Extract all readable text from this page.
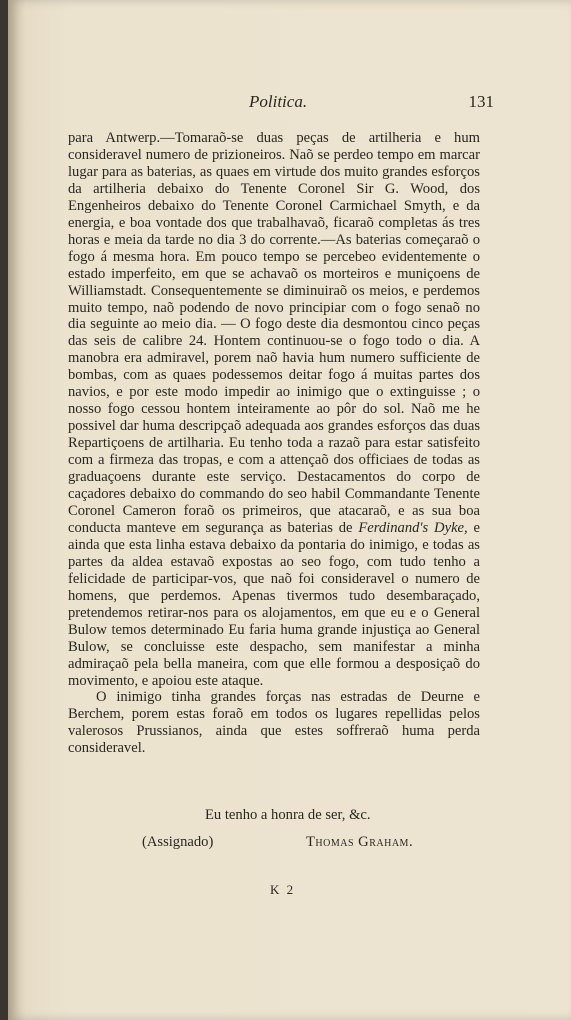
Politica.	131

para Antwerp.—Tomaraõ-se duas peças de artilheria e hum consideravel numero de prizioneiros. Naõ se perdeo tempo em marcar lugar para as baterias, as quaes em virtude dos muito grandes esforços da artilheria debaixo do Tenente Coronel Sir G. Wood, dos Engenheiros debaixo do Tenente Coronel Carmichael Smyth, e da energia, e boa vontade dos que trabalhavaõ, ficaraõ completas ás tres horas e meia da tarde no dia 3 do corrente.—As baterias começaraõ o fogo á mesma hora. Em pouco tempo se percebeo evidentemente o estado imperfeito, em que se achavaõ os morteiros e muniçoens de Williamstadt. Consequentemente se diminuiraõ os meios, e perdemos muito tempo, naõ podendo de novo principiar com o fogo senaõ no dia seguinte ao meio dia. — O fogo deste dia desmontou cinco peças das seis de calibre 24. Hontem continuou-se o fogo todo o dia. A manobra era admiravel, porem naõ havia hum numero sufficiente de bombas, com as quaes podessemos deitar fogo á muitas partes dos navios, e por este modo impedir ao inimigo que o extinguisse ; o nosso fogo cessou hontem inteiramente ao pôr do sol. Naõ me he possivel dar huma descripçaõ adequada aos grandes esforços das duas Repartiçoens de artilharia. Eu tenho toda a razaõ para estar satisfeito com a firmeza das tropas, e com a attençaõ dos officiaes de todas as graduaçoens durante este serviço. Destacamentos do corpo de caçadores debaixo do commando do seo habil Commandante Tenente Coronel Cameron foraõ os primeiros, que atacaraõ, e as sua boa conducta manteve em segurança as baterias de Ferdinand's Dyke, e ainda que esta linha estava debaixo da pontaria do inimigo, e todas as partes da aldea estavaõ expostas ao seo fogo, com tudo tenho a felicidade de participar-vos, que naõ foi consideravel o numero de homens, que perdemos. Apenas tivermos tudo desembaraçado, pretendemos retirar-nos para os alojamentos, em que eu e o General Bulow temos determinado Eu faria huma grande injustiça ao General Bulow, se concluisse este despacho, sem manifestar a minha admiraçaõ pela bella maneira, com que elle formou a desposiçaõ do movimento, e apoiou este ataque.

O inimigo tinha grandes forças nas estradas de Deurne e Berchem, porem estas foraõ em todos os lugares repellidas pelos valerosos Prussianos, ainda que estes soffreraõ huma perda consideravel.

Eu tenho a honra de ser, &c.
(Assignado)	Thomas Graham.
K 2
